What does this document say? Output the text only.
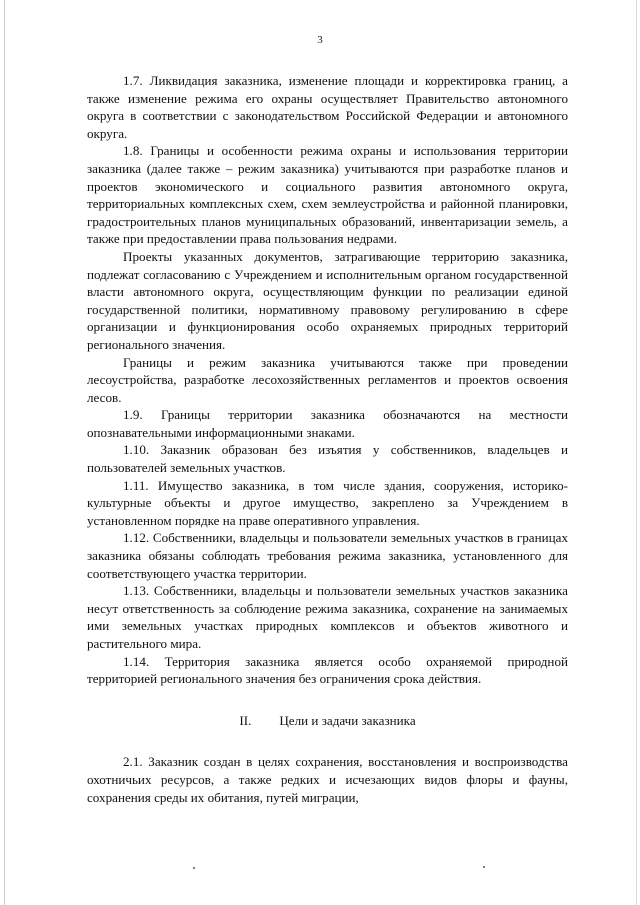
3

1.7. Ликвидация заказника, изменение площади и корректировка границ, а также изменение режима его охраны осуществляет Правительство автономного округа в соответствии с законодательством Российской Федерации и автономного округа.

1.8. Границы и особенности режима охраны и использования территории заказника (далее также – режим заказника) учитываются при разработке планов и проектов экономического и социального развития автономного округа, территориальных комплексных схем, схем землеустройства и районной планировки, градостроительных планов муниципальных образований, инвентаризации земель, а также при предоставлении права пользования недрами.

Проекты указанных документов, затрагивающие территорию заказника, подлежат согласованию с Учреждением и исполнительным органом государственной власти автономного округа, осуществляющим функции по реализации единой государственной политики, нормативному правовому регулированию в сфере организации и функционирования особо охраняемых природных территорий регионального значения.

Границы и режим заказника учитываются также при проведении лесоустройства, разработке лесохозяйственных регламентов и проектов освоения лесов.

1.9. Границы территории заказника обозначаются на местности опознавательными информационными знаками.

1.10. Заказник образован без изъятия у собственников, владельцев и пользователей земельных участков.

1.11. Имущество заказника, в том числе здания, сооружения, историко-культурные объекты и другое имущество, закреплено за Учреждением в установленном порядке на праве оперативного управления.

1.12. Собственники, владельцы и пользователи земельных участков в границах заказника обязаны соблюдать требования режима заказника, установленного для соответствующего участка территории.

1.13. Собственники, владельцы и пользователи земельных участков заказника несут ответственность за соблюдение режима заказника, сохранение на занимаемых ими земельных участках природных комплексов и объектов животного и растительного мира.

1.14. Территория заказника является особо охраняемой природной территорией регионального значения без ограничения срока действия.

II. Цели и задачи заказника

2.1. Заказник создан в целях сохранения, восстановления и воспроизводства охотничьих ресурсов, а также редких и исчезающих видов флоры и фауны, сохранения среды их обитания, путей миграции,
